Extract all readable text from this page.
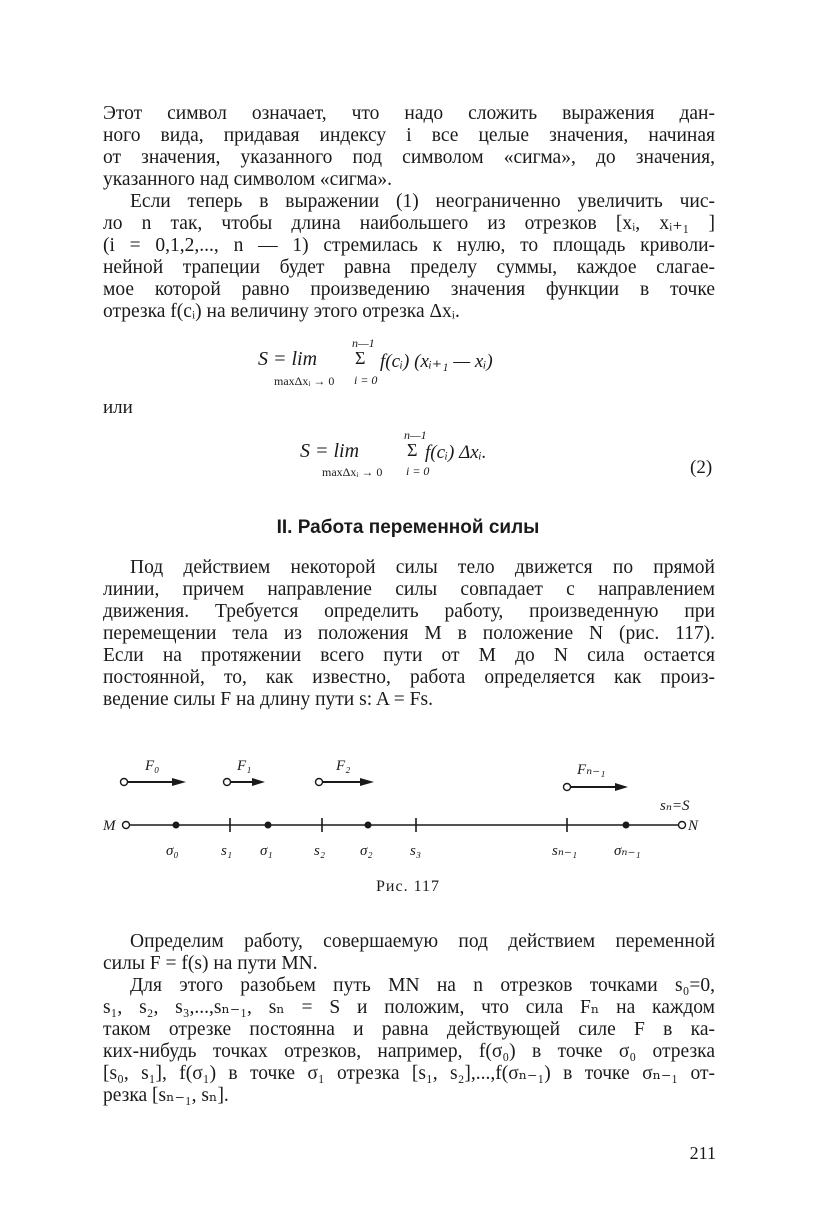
Этот символ означает, что надо сложить выражения дан-
ного вида, придавая индексу i все целые значения, начиная
от значения, указанного под символом «сигма», до значения,
указанного над символом «сигма».
Если теперь в выражении (1) неограниченно увеличить чис-
ло n так, чтобы длина наибольшего из отрезков [xᵢ, xᵢ₊₁ ]
(i = 0,1,2,..., n — 1) стремилась к нулю, то площадь криволи-
нейной трапеции будет равна пределу суммы, каждое слагае-
мое которой равно произведению значения функции в точке
отрезка f(cᵢ) на величину этого отрезка Δxᵢ.
S = lim
maxΔxᵢ → 0
n—1
Σ
i = 0
f(cᵢ) (xᵢ₊₁ — xᵢ)
или
S = lim
maxΔxᵢ → 0
n—1
Σ
i = 0
f(cᵢ) Δxᵢ.
(2)
II. Работа переменной силы
Под действием некоторой силы тело движется по прямой
линии, причем направление силы совпадает с направлением
движения. Требуется определить работу, произведенную при
перемещении тела из положения M в положение N (рис. 117).
Если на протяжении всего пути от M до N сила остается
постоянной, то, как известно, работа определяется как произ-
ведение силы F на длину пути s: A = Fs.
F₀	F₁	F₂	Fₙ₋₁
sₙ=S
M	N
σ₀	s₁ σ₁	s₂ σ₂ s₃	sₙ₋₁ σₙ₋₁
Рис. 117
Определим работу, совершаемую под действием переменной
силы F = f(s) на пути MN.
Для этого разобьем путь MN на n отрезков точками s₀=0,
s₁, s₂, s₃,...,sₙ₋₁, sₙ = S и положим, что сила Fₙ на каждом
таком отрезке постоянна и равна действующей силе F в ка-
ких-нибудь точках отрезков, например, f(σ₀) в точке σ₀ отрезка
[s₀, s₁], f(σ₁) в точке σ₁ отрезка [s₁, s₂],...,f(σₙ₋₁) в точке σₙ₋₁ от-
резка [sₙ₋₁, sₙ].
211
